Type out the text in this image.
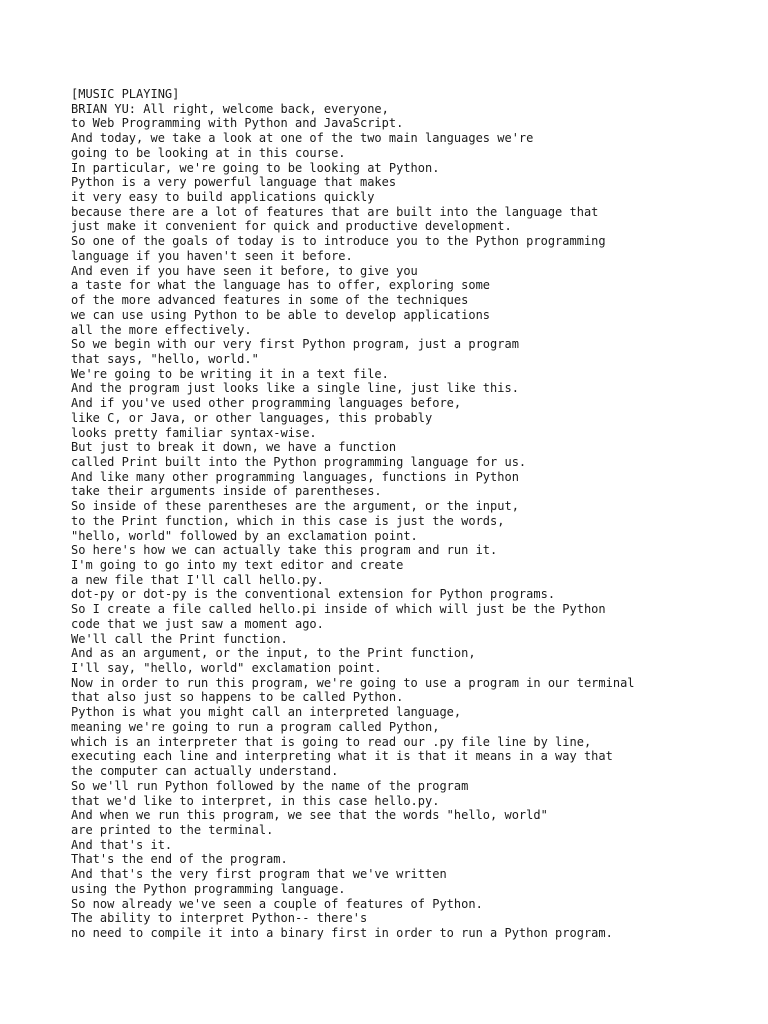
[MUSIC PLAYING]
BRIAN YU: All right, welcome back, everyone,
to Web Programming with Python and JavaScript.
And today, we take a look at one of the two main languages we're
going to be looking at in this course.
In particular, we're going to be looking at Python.
Python is a very powerful language that makes
it very easy to build applications quickly
because there are a lot of features that are built into the language that
just make it convenient for quick and productive development.
So one of the goals of today is to introduce you to the Python programming
language if you haven't seen it before.
And even if you have seen it before, to give you
a taste for what the language has to offer, exploring some
of the more advanced features in some of the techniques
we can use using Python to be able to develop applications
all the more effectively.
So we begin with our very first Python program, just a program
that says, "hello, world."
We're going to be writing it in a text file.
And the program just looks like a single line, just like this.
And if you've used other programming languages before,
like C, or Java, or other languages, this probably
looks pretty familiar syntax-wise.
But just to break it down, we have a function
called Print built into the Python programming language for us.
And like many other programming languages, functions in Python
take their arguments inside of parentheses.
So inside of these parentheses are the argument, or the input,
to the Print function, which in this case is just the words,
"hello, world" followed by an exclamation point.
So here's how we can actually take this program and run it.
I'm going to go into my text editor and create
a new file that I'll call hello.py.
dot-py or dot-py is the conventional extension for Python programs.
So I create a file called hello.pi inside of which will just be the Python
code that we just saw a moment ago.
We'll call the Print function.
And as an argument, or the input, to the Print function,
I'll say, "hello, world" exclamation point.
Now in order to run this program, we're going to use a program in our terminal
that also just so happens to be called Python.
Python is what you might call an interpreted language,
meaning we're going to run a program called Python,
which is an interpreter that is going to read our .py file line by line,
executing each line and interpreting what it is that it means in a way that
the computer can actually understand.
So we'll run Python followed by the name of the program
that we'd like to interpret, in this case hello.py.
And when we run this program, we see that the words "hello, world"
are printed to the terminal.
And that's it.
That's the end of the program.
And that's the very first program that we've written
using the Python programming language.
So now already we've seen a couple of features of Python.
The ability to interpret Python-- there's
no need to compile it into a binary first in order to run a Python program.
